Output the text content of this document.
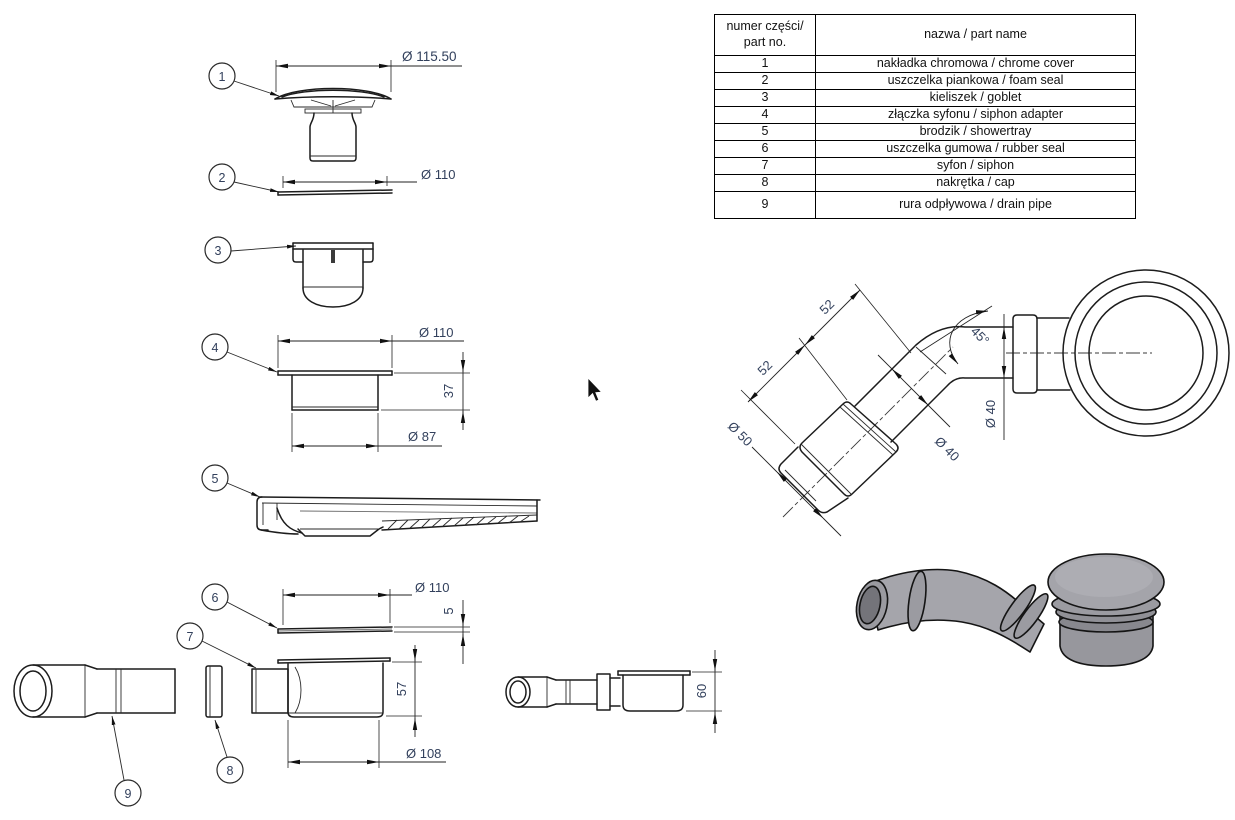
1
Ø 115.50
2	Ø 110
3
4
Ø 110
37
Ø 87
5
6
Ø 110
5
7
57
Ø 108
8
9
60
52
52
Ø 50	Ø 40
45°
Ø 40
numer części/ part no.	nazwa / part name
1	nakładka chromowa / chrome cover
2	uszczelka piankowa / foam seal
3	kieliszek / goblet
4	złączka syfonu / siphon adapter
5	brodzik / showertray
6	uszczelka gumowa / rubber seal
7	syfon / siphon
8	nakrętka / cap
9	rura odpływowa / drain pipe
